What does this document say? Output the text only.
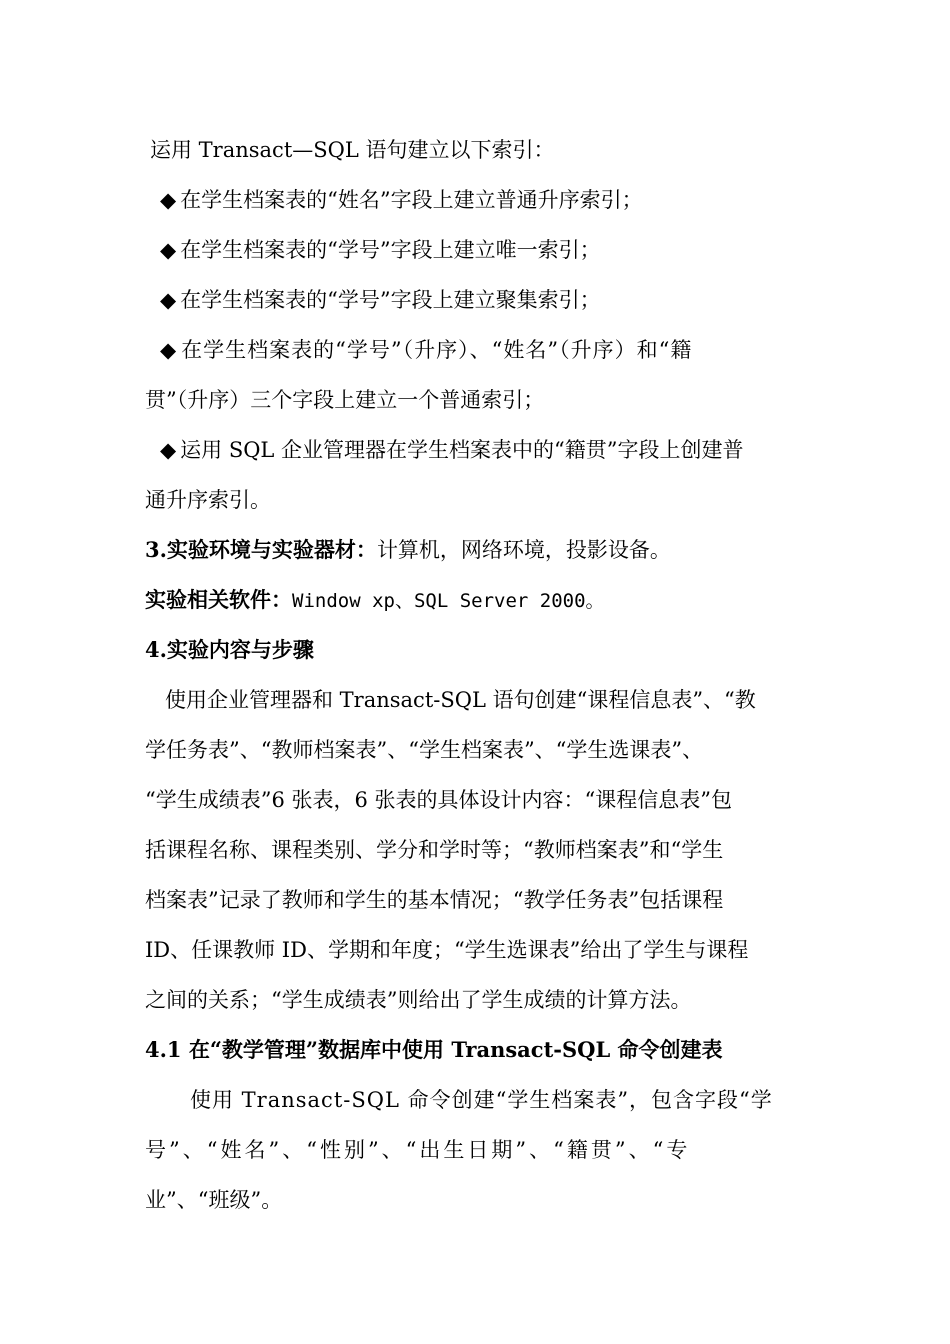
运用 Transact—SQL 语句建立以下索引：

◆ 在学生档案表的“姓名”字段上建立普通升序索引；

◆ 在学生档案表的“学号”字段上建立唯一索引；

◆ 在学生档案表的“学号”字段上建立聚集索引；

◆ 在学生档案表的“学号”（升序）、“姓名”（升序）和“籍

贯”（升序）三个字段上建立一个普通索引；

◆ 运用 SQL 企业管理器在学生档案表中的“籍贯”字段上创建普

通升序索引。

3.实验环境与实验器材：计算机，网络环境，投影设备。

实验相关软件：Window xp、SQL Server 2000。

4.实验内容与步骤

使用企业管理器和 Transact-SQL 语句创建“课程信息表”、“教

学任务表”、“教师档案表”、“学生档案表”、“学生选课表”、

“学生成绩表”6 张表，6 张表的具体设计内容：“课程信息表”包

括课程名称、课程类别、学分和学时等；“教师档案表”和“学生

档案表”记录了教师和学生的基本情况；“教学任务表”包括课程

ID、任课教师 ID、学期和年度；“学生选课表”给出了学生与课程

之间的关系；“学生成绩表”则给出了学生成绩的计算方法。

4.1 在“教学管理”数据库中使用 Transact-SQL 命令创建表

使用 Transact-SQL 命令创建“学生档案表”，包含字段“学

号”、“姓名”、“性别”、“出生日期”、“籍贯”、“专

业”、“班级”。
